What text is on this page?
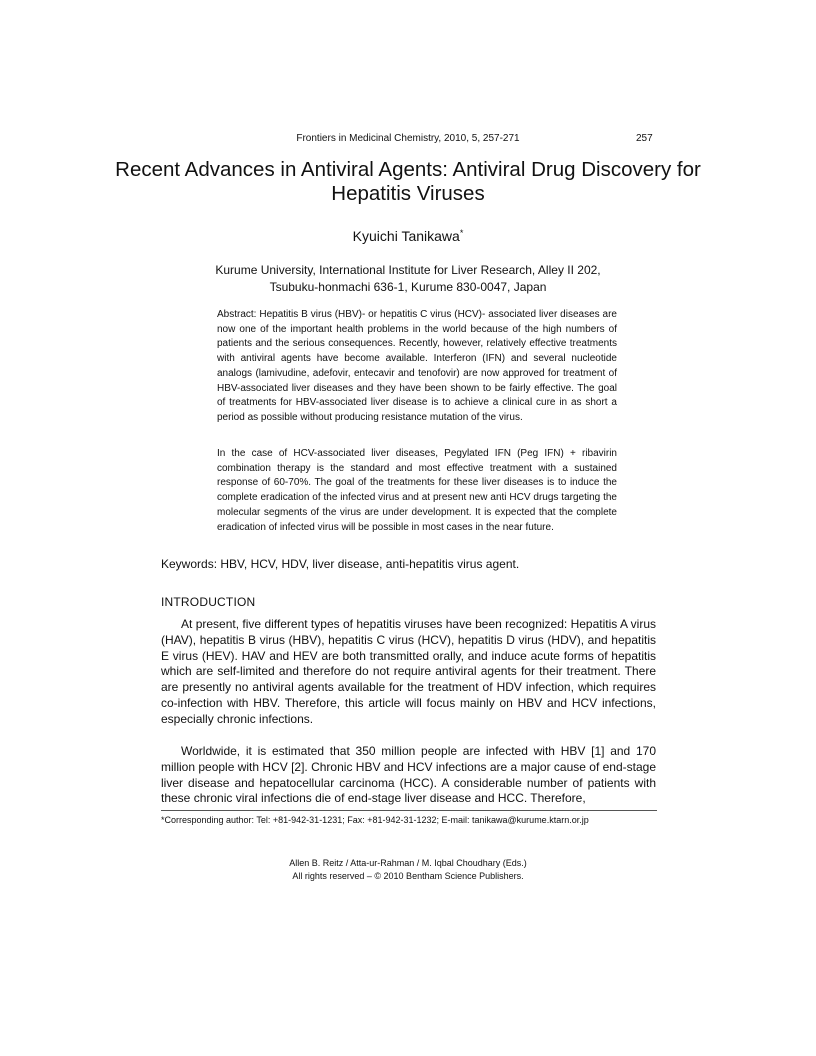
Frontiers in Medicinal Chemistry, 2010, 5, 257-271	257
Recent Advances in Antiviral Agents: Antiviral Drug Discovery for Hepatitis Viruses
Kyuichi Tanikawa*
Kurume University, International Institute for Liver Research, Alley II 202,
Tsubuku-honmachi 636-1, Kurume 830-0047, Japan
Abstract: Hepatitis B virus (HBV)- or hepatitis C virus (HCV)- associated liver diseases are now one of the important health problems in the world because of the high numbers of patients and the serious consequences. Recently, however, relatively effective treatments with antiviral agents have become available. Interferon (IFN) and several nucleotide analogs (lamivudine, adefovir, entecavir and tenofovir) are now approved for treatment of HBV-associated liver diseases and they have been shown to be fairly effective. The goal of treatments for HBV-associated liver disease is to achieve a clinical cure in as short a period as possible without producing resistance mutation of the virus.
In the case of HCV-associated liver diseases, Pegylated IFN (Peg IFN) + ribavirin combination therapy is the standard and most effective treatment with a sustained response of 60-70%. The goal of the treatments for these liver diseases is to induce the complete eradication of the infected virus and at present new anti HCV drugs targeting the molecular segments of the virus are under development. It is expected that the complete eradication of infected virus will be possible in most cases in the near future.
Keywords: HBV, HCV, HDV, liver disease, anti-hepatitis virus agent.
INTRODUCTION
At present, five different types of hepatitis viruses have been recognized: Hepatitis A virus (HAV), hepatitis B virus (HBV), hepatitis C virus (HCV), hepatitis D virus (HDV), and hepatitis E virus (HEV). HAV and HEV are both transmitted orally, and induce acute forms of hepatitis which are self-limited and therefore do not require antiviral agents for their treatment. There are presently no antiviral agents available for the treatment of HDV infection, which requires co-infection with HBV. Therefore, this article will focus mainly on HBV and HCV infections, especially chronic infections.
Worldwide, it is estimated that 350 million people are infected with HBV [1] and 170 million people with HCV [2]. Chronic HBV and HCV infections are a major cause of end-stage liver disease and hepatocellular carcinoma (HCC). A considerable number of patients with these chronic viral infections die of end-stage liver disease and HCC. Therefore,
*Corresponding author: Tel: +81-942-31-1231; Fax: +81-942-31-1232; E-mail: tanikawa@kurume.ktarn.or.jp
Allen B. Reitz / Atta-ur-Rahman / M. Iqbal Choudhary (Eds.)
All rights reserved – © 2010 Bentham Science Publishers.
